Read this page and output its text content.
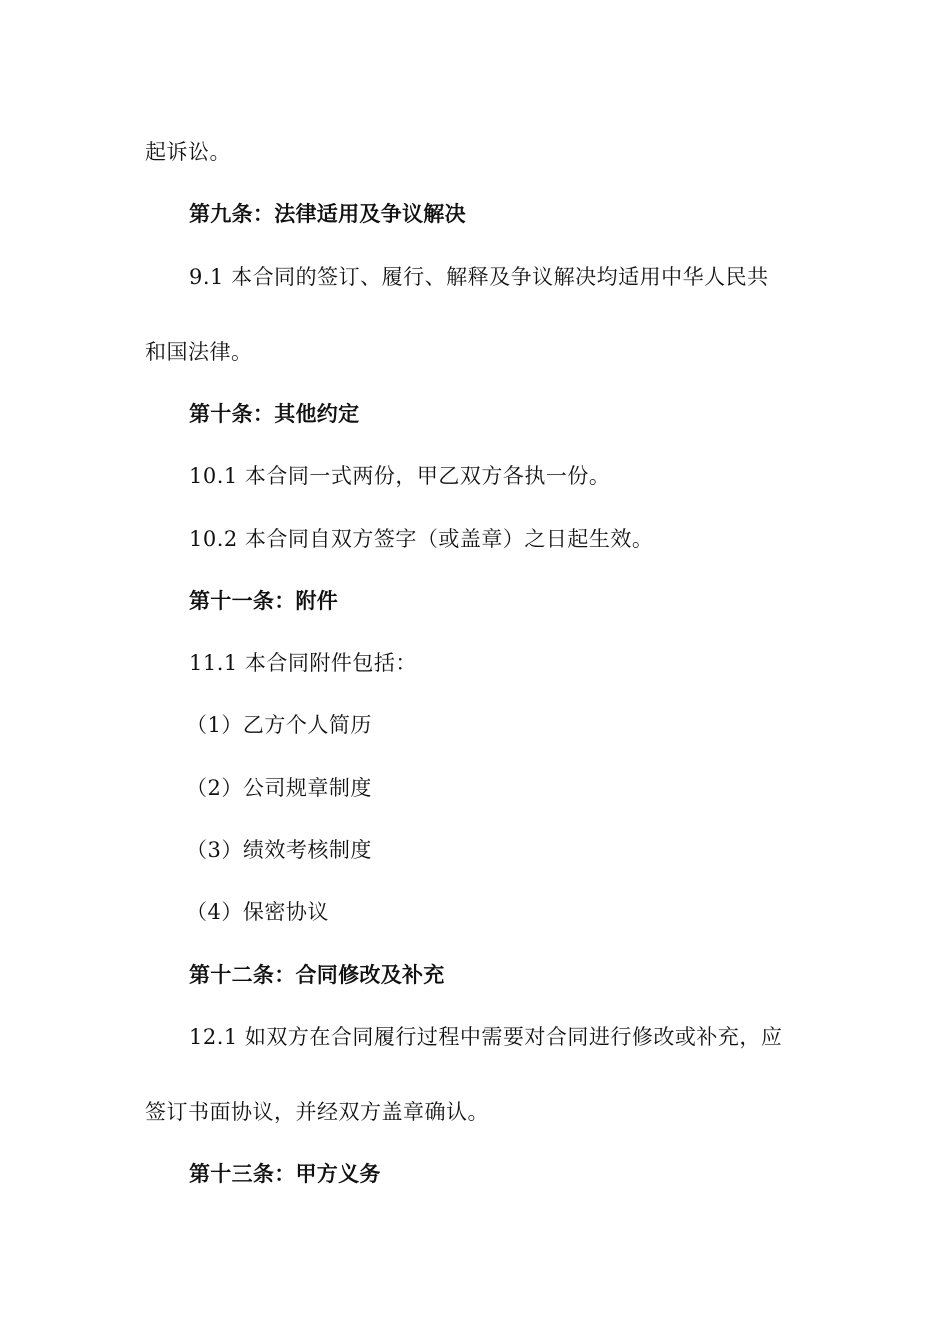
起诉讼。
第九条：法律适用及争议解决
9.1 本合同的签订、履行、解释及争议解决均适用中华人民共
和国法律。
第十条：其他约定
10.1 本合同一式两份，甲乙双方各执一份。
10.2 本合同自双方签字（或盖章）之日起生效。
第十一条：附件
11.1 本合同附件包括：
（1）乙方个人简历
（2）公司规章制度
（3）绩效考核制度
（4）保密协议
第十二条：合同修改及补充
12.1 如双方在合同履行过程中需要对合同进行修改或补充，应
签订书面协议，并经双方盖章确认。
第十三条：甲方义务
